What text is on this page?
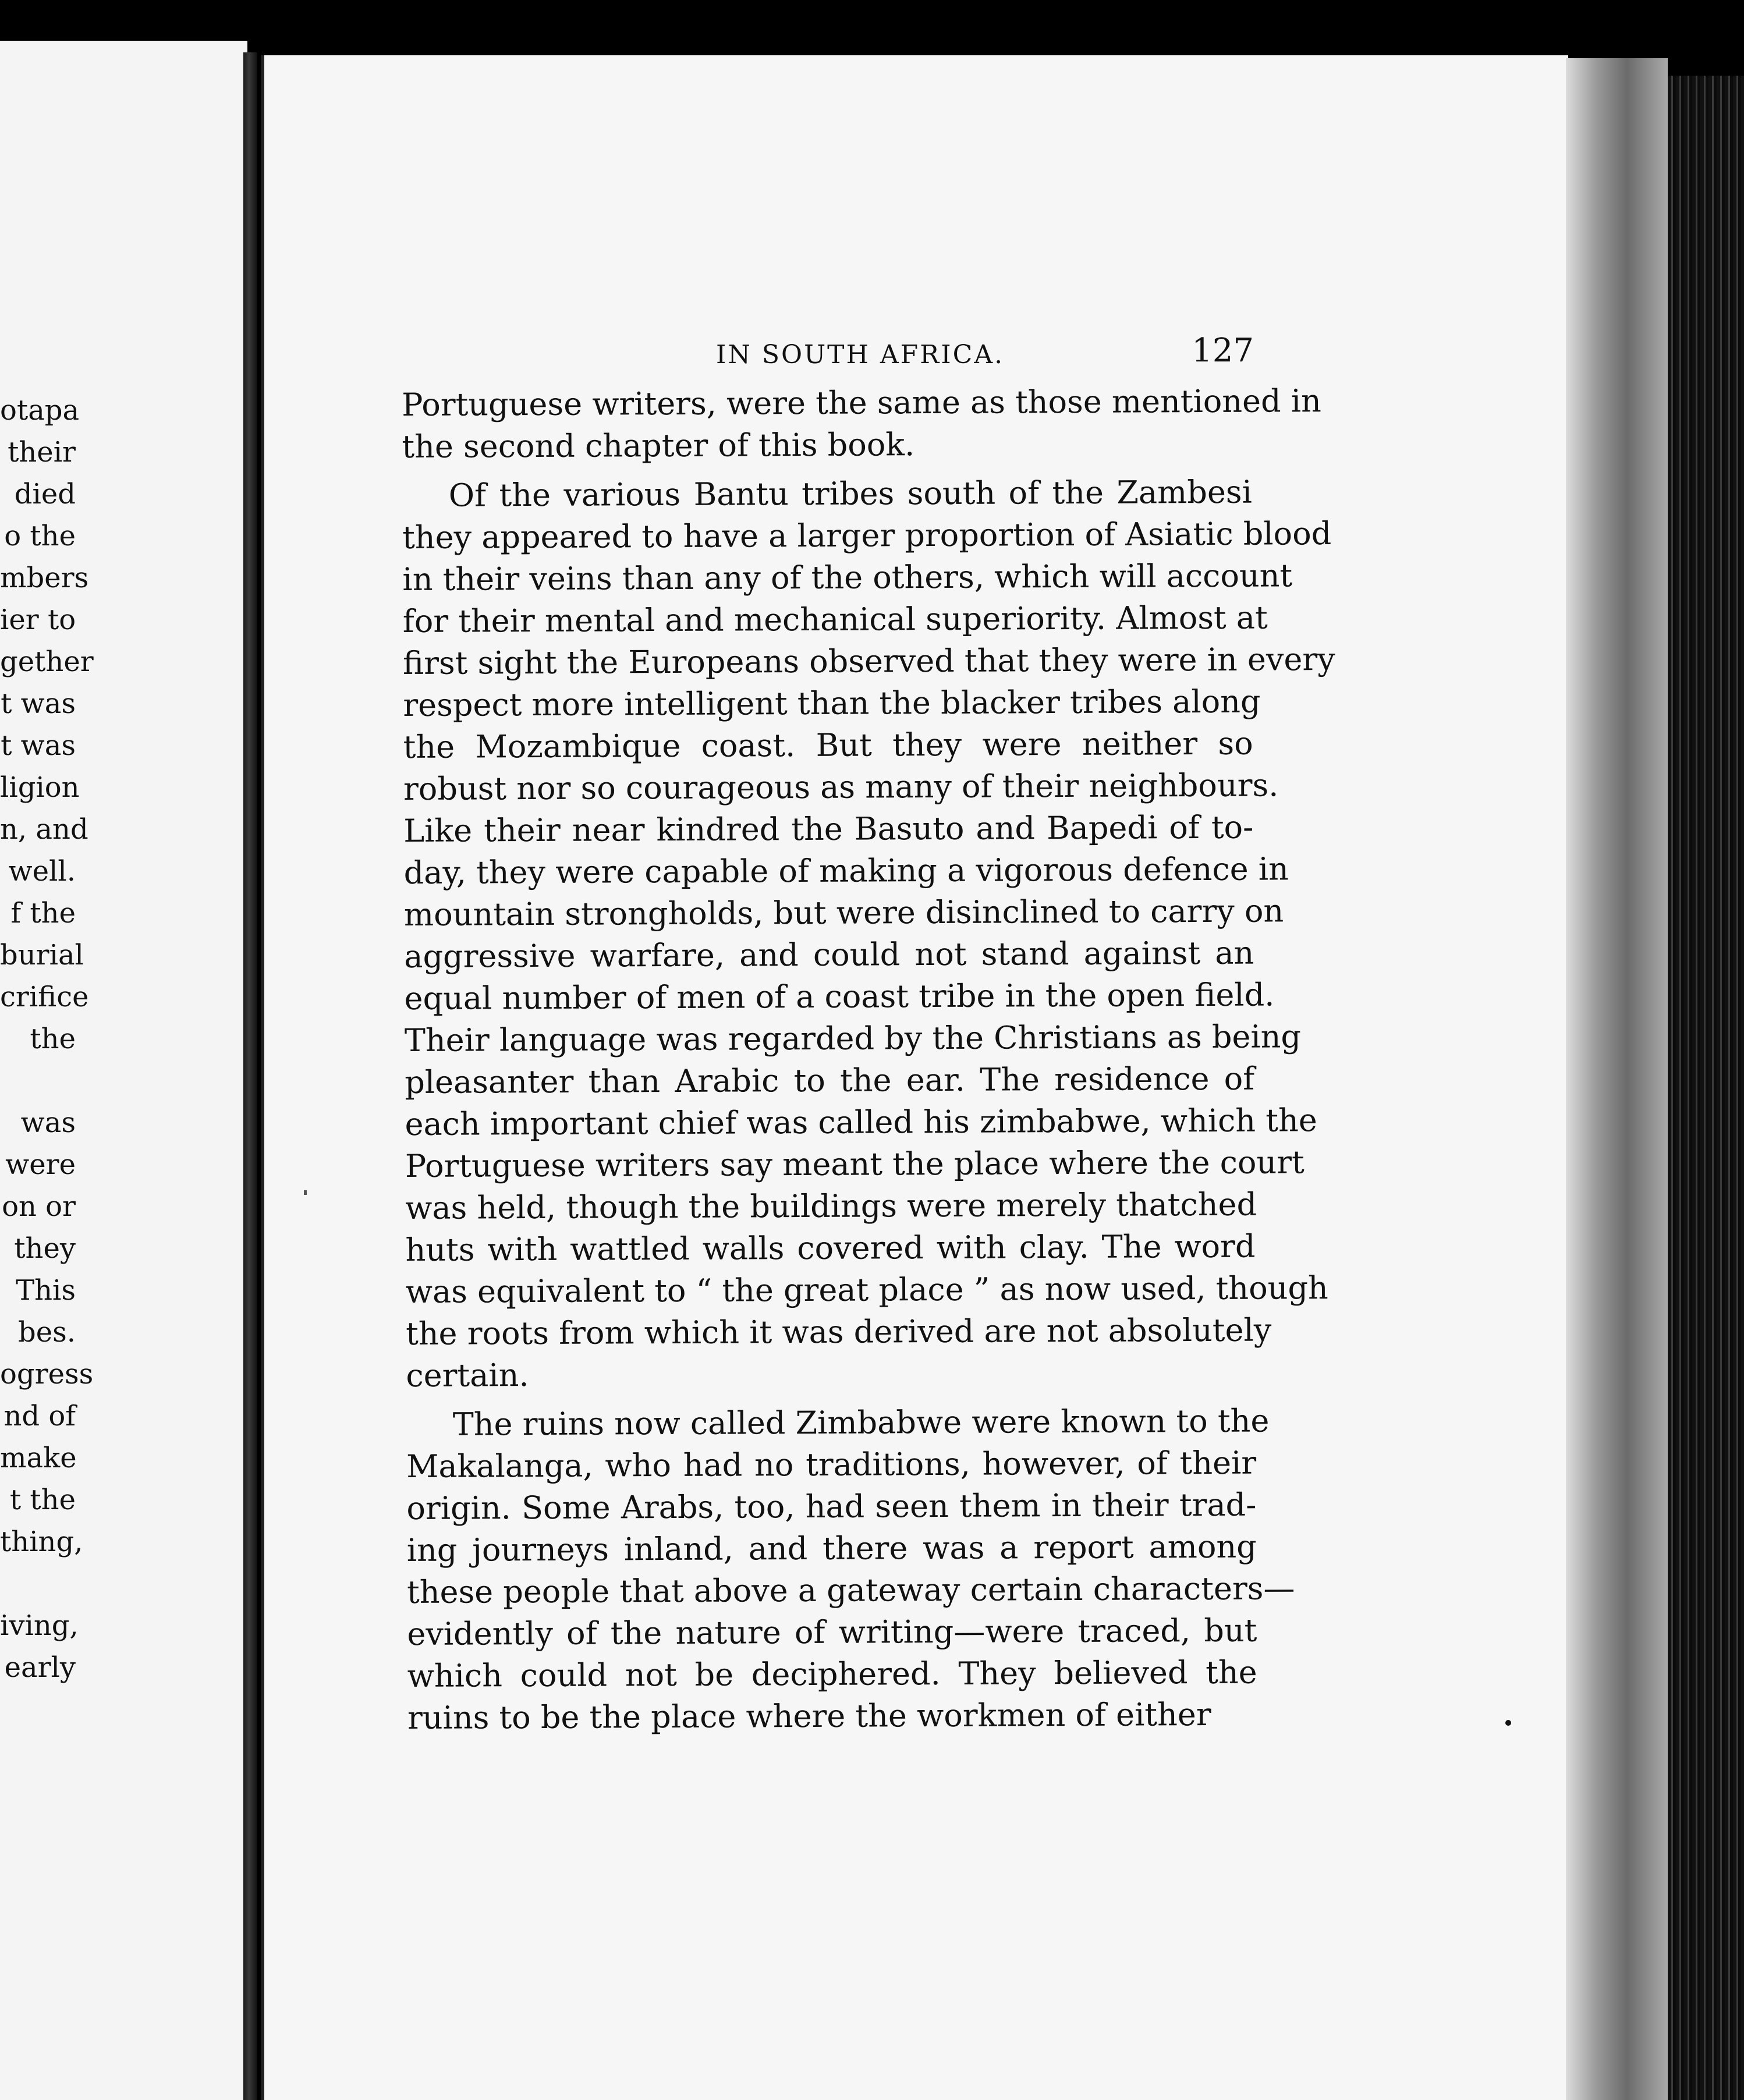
otapa
their
died
o the
mbers
ier to
gether
t was
t was
ligion
n, and
well.
f the
burial
crifice
the
was
were
on or
they
This
bes.
ogress
nd of
make
t the
thing,
iving,
early
IN SOUTH AFRICA.	127
Portuguese writers, were the same as those mentioned in
the second chapter of this book.
Of the various Bantu tribes south of the Zambesi
they appeared to have a larger proportion of Asiatic blood
in their veins than any of the others, which will account
for their mental and mechanical superiority. Almost at
first sight the Europeans observed that they were in every
respect more intelligent than the blacker tribes along
the Mozambique coast. But they were neither so
robust nor so courageous as many of their neighbours.
Like their near kindred the Basuto and Bapedi of to-
day, they were capable of making a vigorous defence in
mountain strongholds, but were disinclined to carry on
aggressive warfare, and could not stand against an
equal number of men of a coast tribe in the open field.
Their language was regarded by the Christians as being
pleasanter than Arabic to the ear. The residence of
each important chief was called his zimbabwe, which the
Portuguese writers say meant the place where the court
was held, though the buildings were merely thatched
huts with wattled walls covered with clay. The word
was equivalent to “ the great place ” as now used, though
the roots from which it was derived are not absolutely
certain.
The ruins now called Zimbabwe were known to the
Makalanga, who had no traditions, however, of their
origin. Some Arabs, too, had seen them in their trad-
ing journeys inland, and there was a report among
these people that above a gateway certain characters—
evidently of the nature of writing—were traced, but
which could not be deciphered. They believed the
ruins to be the place where the workmen of either
